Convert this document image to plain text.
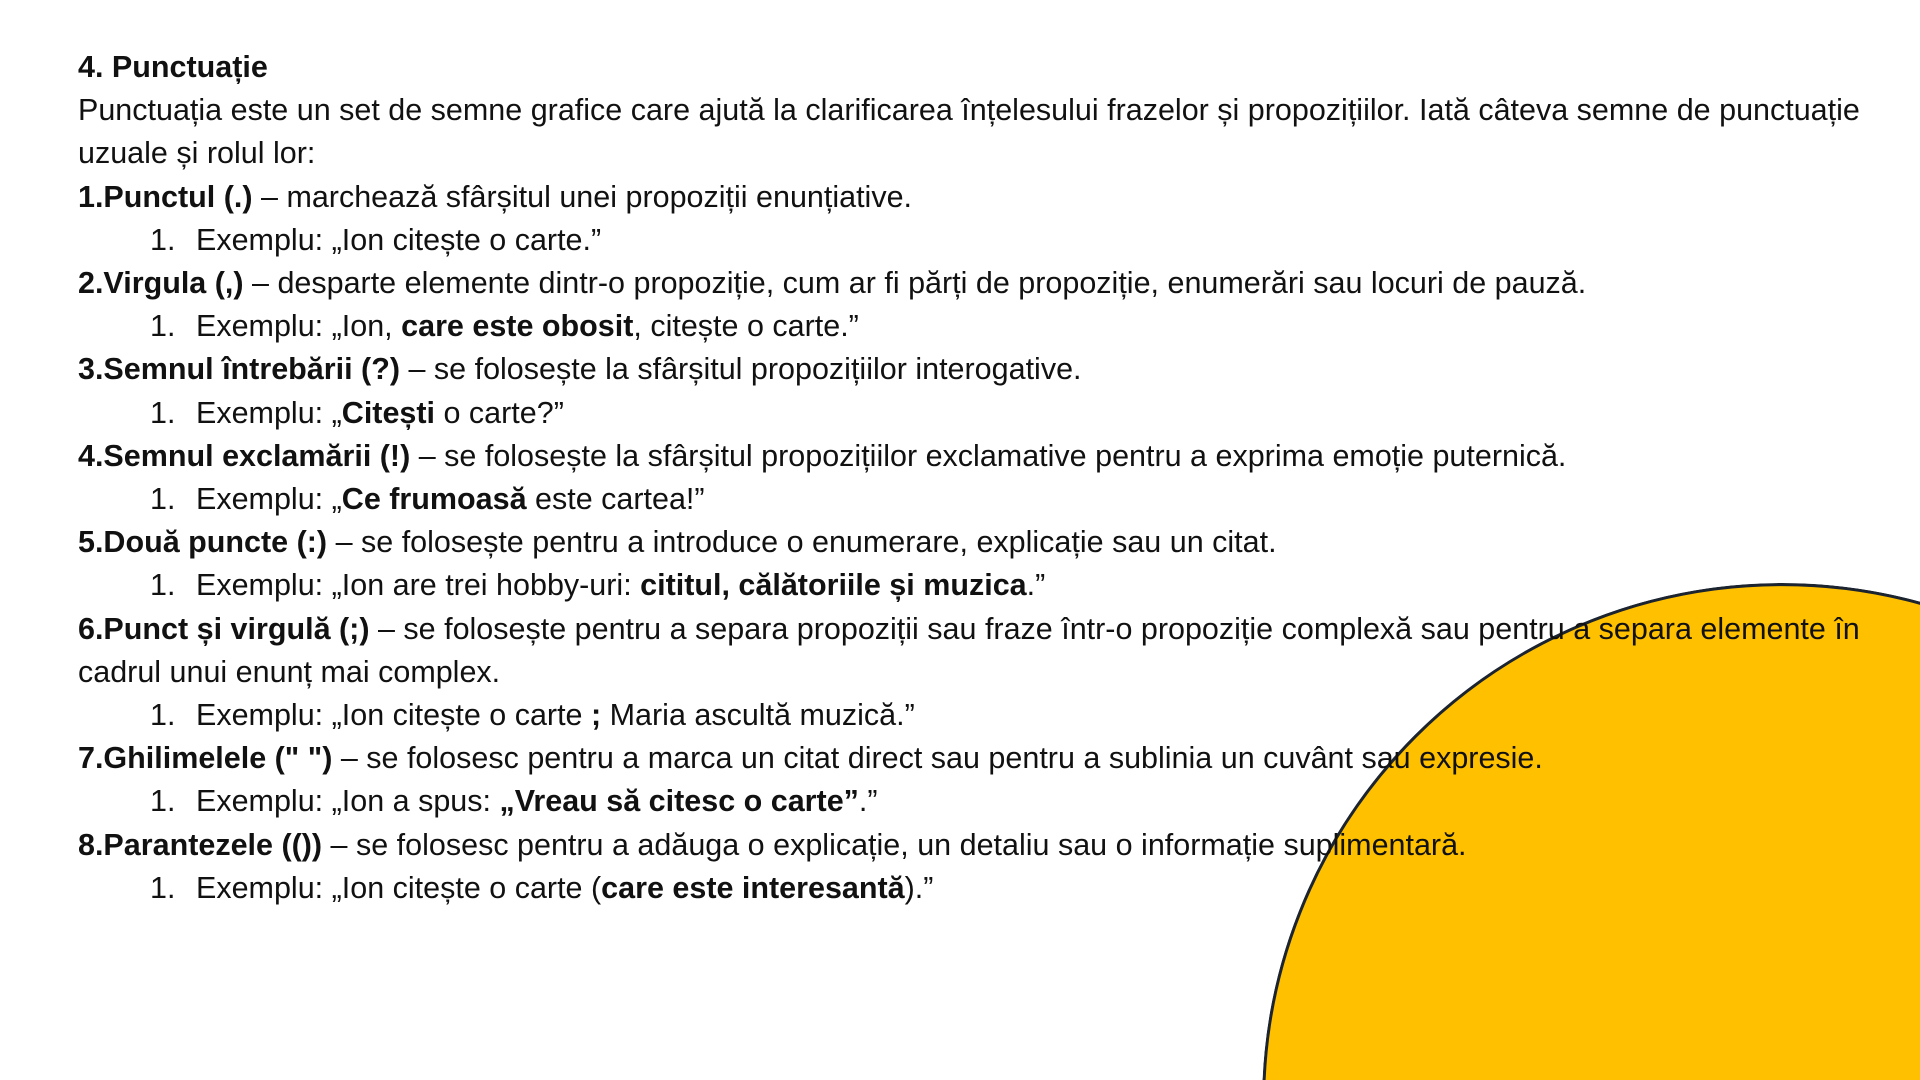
4. Punctuație
Punctuația este un set de semne grafice care ajută la clarificarea înțelesului frazelor și propozițiilor. Iată câteva semne de punctuație uzuale și rolul lor:
1.Punctul (.) – marchează sfârșitul unei propoziții enunțiative.
1. Exemplu: „Ion citește o carte.”
2.Virgula (,) – desparte elemente dintr-o propoziție, cum ar fi părți de propoziție, enumerări sau locuri de pauză.
1. Exemplu: „Ion, care este obosit, citește o carte.”
3.Semnul întrebării (?) – se folosește la sfârșitul propozițiilor interogative.
1. Exemplu: „Citești o carte?”
4.Semnul exclamării (!) – se folosește la sfârșitul propozițiilor exclamative pentru a exprima emoție puternică.
1. Exemplu: „Ce frumoasă este cartea!”
5.Două puncte (:) – se folosește pentru a introduce o enumerare, explicație sau un citat.
1. Exemplu: „Ion are trei hobby-uri: cititul, călătoriile și muzica.”
6.Punct și virgulă (;) – se folosește pentru a separa propoziții sau fraze într-o propoziție complexă sau pentru a separa elemente în cadrul unui enunț mai complex.
1. Exemplu: „Ion citește o carte ; Maria ascultă muzică.”
7.Ghilimelele (" ") – se folosesc pentru a marca un citat direct sau pentru a sublinia un cuvânt sau expresie.
1. Exemplu: „Ion a spus: „Vreau să citesc o carte”.”
8.Parantezele (()) – se folosesc pentru a adăuga o explicație, un detaliu sau o informație suplimentară.
1. Exemplu: „Ion citește o carte (care este interesantă).”
